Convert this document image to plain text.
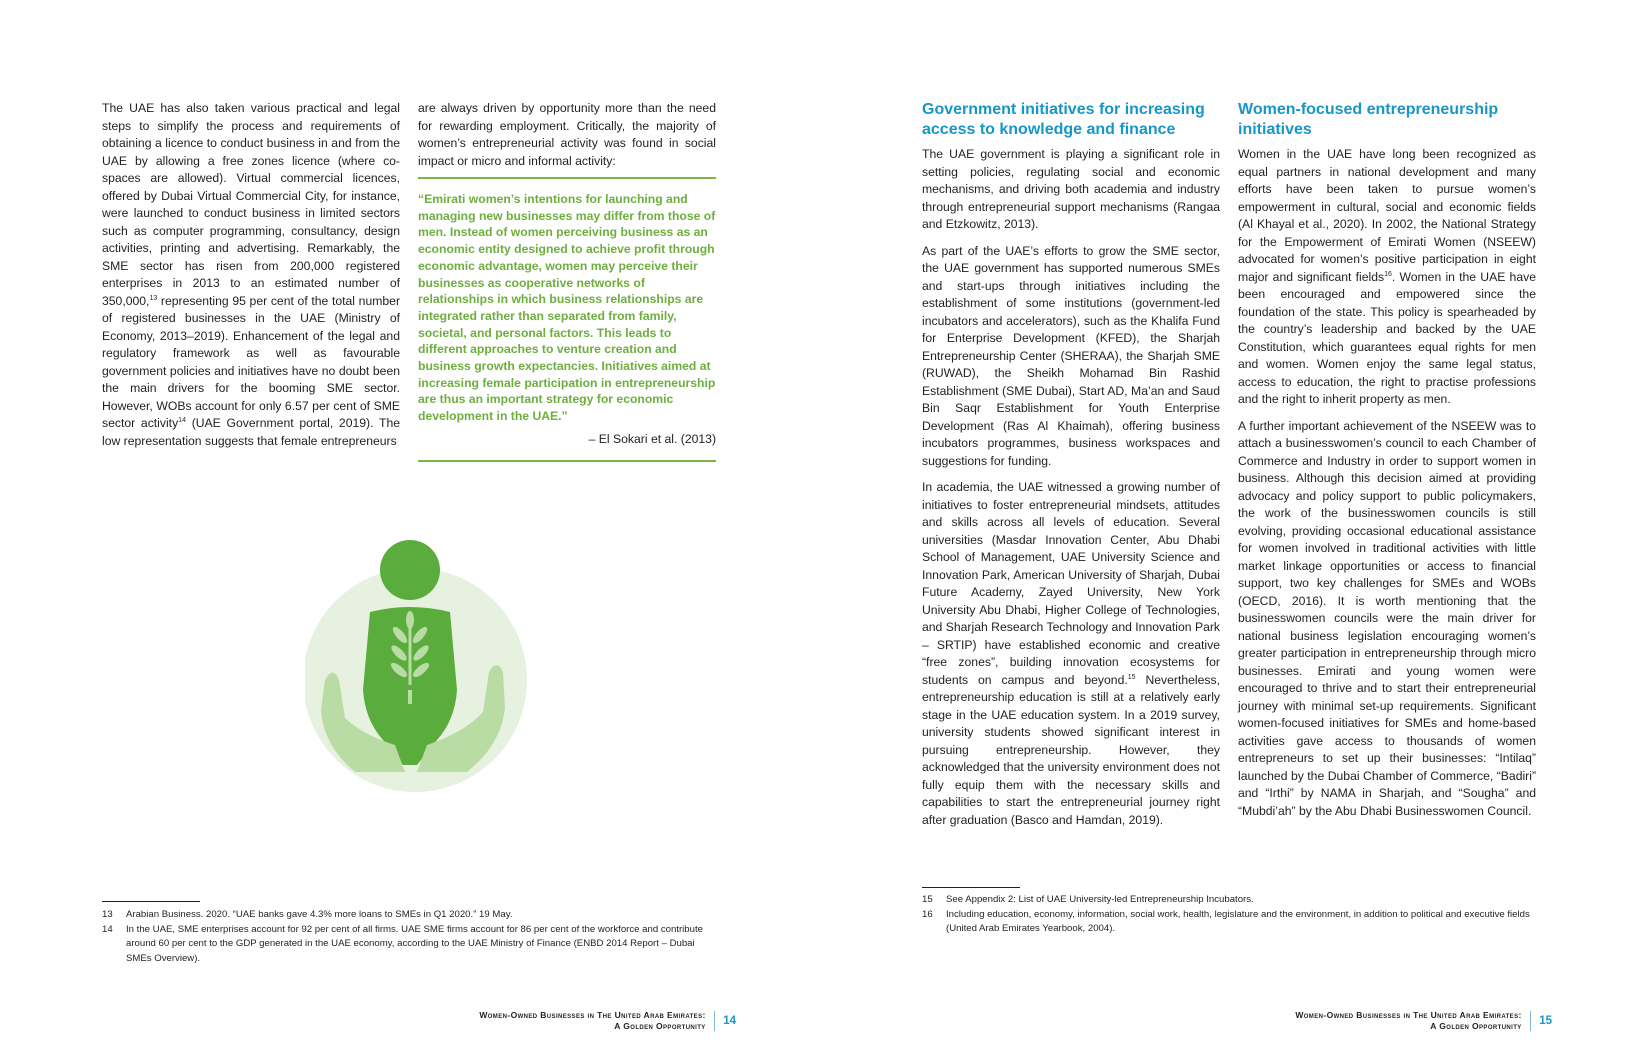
The UAE has also taken various practical and legal steps to simplify the process and requirements of obtaining a licence to conduct business in and from the UAE by allowing a free zones licence (where co-spaces are allowed). Virtual commercial licences, offered by Dubai Virtual Commercial City, for instance, were launched to conduct business in limited sectors such as computer programming, consultancy, design activities, printing and advertising. Remarkably, the SME sector has risen from 200,000 registered enterprises in 2013 to an estimated number of 350,000,13 representing 95 per cent of the total number of registered businesses in the UAE (Ministry of Economy, 2013–2019). Enhancement of the legal and regulatory framework as well as favourable government policies and initiatives have no doubt been the main drivers for the booming SME sector. However, WOBs account for only 6.57 per cent of SME sector activity$^{14}$ (UAE Government portal, 2019). The low representation suggests that female entrepreneurs

are always driven by opportunity more than the need for rewarding employment. Critically, the majority of women’s entrepreneurial activity was found in social impact or micro and informal activity:

“Emirati women’s intentions for launching and managing new businesses may differ from those of men. Instead of women perceiving business as an economic entity designed to achieve profit through economic advantage, women may perceive their businesses as cooperative networks of relationships in which business relationships are integrated rather than separated from family, societal, and personal factors. This leads to different approaches to venture creation and business growth expectancies. Initiatives aimed at increasing female participation in entrepreneurship are thus an important strategy for economic development in the UAE.”

– El Sokari et al. (2013)
13	Arabian Business. 2020. “UAE banks gave 4.3% more loans to SMEs in Q1 2020.” 19 May.
14	In the UAE, SME enterprises account for 92 per cent of all firms. UAE SME firms account for 86 per cent of the workforce and contribute around 60 per cent to the GDP generated in the UAE economy, according to the UAE Ministry of Finance (ENBD 2014 Report – Dubai SMEs Overview).
Women-Owned Businesses in The United Arab Emirates:
A Golden Opportunity 14
Government initiatives for increasing access to knowledge and finance

The UAE government is playing a significant role in setting policies, regulating social and economic mechanisms, and driving both academia and industry through entrepreneurial support mechanisms (Rangaa and Etzkowitz, 2013).

As part of the UAE’s efforts to grow the SME sector, the UAE government has supported numerous SMEs and start-ups through initiatives including the establishment of some institutions (government-led incubators and accelerators), such as the Khalifa Fund for Enterprise Development (KFED), the Sharjah Entrepreneurship Center (SHERAA), the Sharjah SME (RUWAD), the Sheikh Mohamad Bin Rashid Establishment (SME Dubai), Start AD, Ma’an and Saud Bin Saqr Establishment for Youth Enterprise Development (Ras Al Khaimah), offering business incubators programmes, business workspaces and suggestions for funding.

In academia, the UAE witnessed a growing number of initiatives to foster entrepreneurial mindsets, attitudes and skills across all levels of education. Several universities (Masdar Innovation Center, Abu Dhabi School of Management, UAE University Science and Innovation Park, American University of Sharjah, Dubai Future Academy, Zayed University, New York University Abu Dhabi, Higher College of Technologies, and Sharjah Research Technology and Innovation Park – SRTIP) have established economic and creative “free zones”, building innovation ecosystems for students on campus and beyond.$^{15}$ Nevertheless, entrepreneurship education is still at a relatively early stage in the UAE education system. In a 2019 survey, university students showed significant interest in pursuing entrepreneurship. However, they acknowledged that the university environment does not fully equip them with the necessary skills and capabilities to start the entrepreneurial journey right after graduation (Basco and Hamdan, 2019).

Women-focused entrepreneurship initiatives

Women in the UAE have long been recognized as equal partners in national development and many efforts have been taken to pursue women’s empowerment in cultural, social and economic fields (Al Khayal et al., 2020). In 2002, the National Strategy for the Empowerment of Emirati Women (NSEEW) advocated for women’s positive participation in eight major and significant fields$^{16}$. Women in the UAE have been encouraged and empowered since the foundation of the state. This policy is spearheaded by the country’s leadership and backed by the UAE Constitution, which guarantees equal rights for men and women. Women enjoy the same legal status, access to education, the right to practise professions and the right to inherit property as men.

A further important achievement of the NSEEW was to attach a businesswomen’s council to each Chamber of Commerce and Industry in order to support women in business. Although this decision aimed at providing advocacy and policy support to public policymakers, the work of the businesswomen councils is still evolving, providing occasional educational assistance for women involved in traditional activities with little market linkage opportunities or access to financial support, two key challenges for SMEs and WOBs (OECD, 2016). It is worth mentioning that the businesswomen councils were the main driver for national business legislation encouraging women’s greater participation in entrepreneurship through micro businesses. Emirati and young women were encouraged to thrive and to start their entrepreneurial journey with minimal set-up requirements. Significant women-focused initiatives for SMEs and home-based activities gave access to thousands of women entrepreneurs to set up their businesses: “Intilaq” launched by the Dubai Chamber of Commerce, “Badiri” and “Irthi” by NAMA in Sharjah, and “Sougha” and “Mubdi’ah” by the Abu Dhabi Businesswomen Council.

15	See Appendix 2: List of UAE University-led Entrepreneurship Incubators.
16	Including education, economy, information, social work, health, legislature and the environment, in addition to political and executive fields (United Arab Emirates Yearbook, 2004).
Women-Owned Businesses in The United Arab Emirates:
A Golden Opportunity 15
